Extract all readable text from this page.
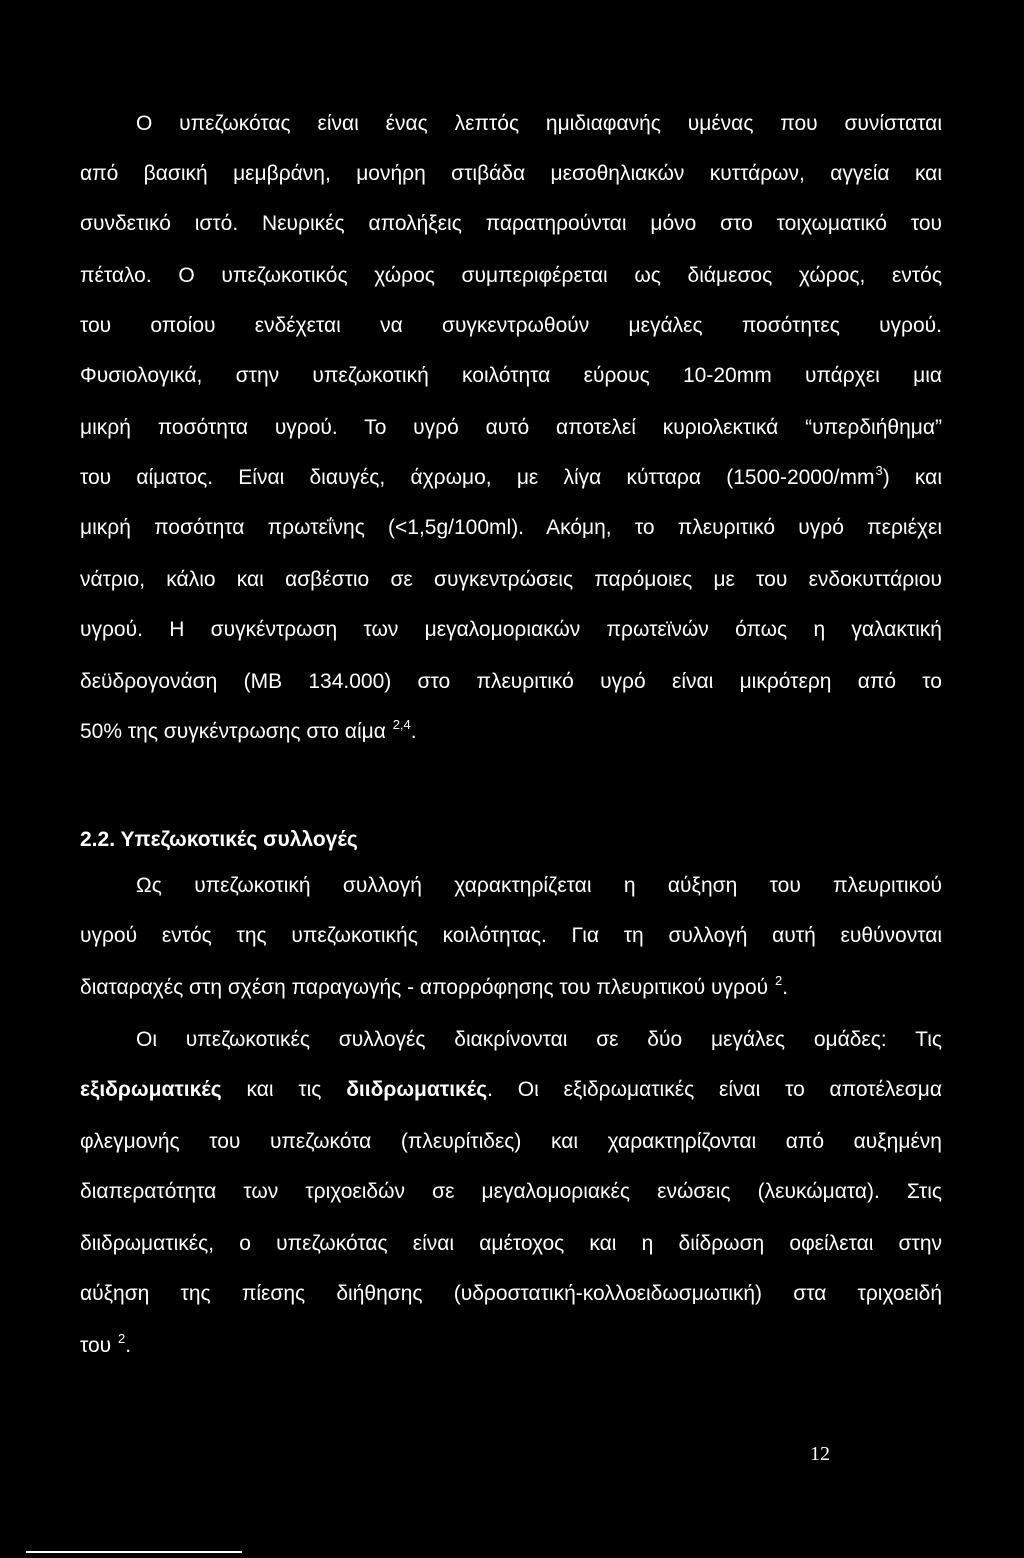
Ο υπεζωκότας είναι ένας λεπτός ημιδιαφανής υμένας που συνίσταται
από βασική μεμβράνη, μονήρη στιβάδα μεσοθηλιακών κυττάρων, αγγεία και
συνδετικό ιστό. Νευρικές απολήξεις παρατηρούνται μόνο στο τοιχωματικό του
πέταλο. Ο υπεζωκοτικός χώρος συμπεριφέρεται ως διάμεσος χώρος, εντός
του οποίου ενδέχεται να συγκεντρωθούν μεγάλες ποσότητες υγρού.
Φυσιολογικά, στην υπεζωκοτική κοιλότητα εύρους 10-20mm υπάρχει μια
μικρή ποσότητα υγρού. Το υγρό αυτό αποτελεί κυριολεκτικά “υπερδιήθημα”
του αίματος. Είναι διαυγές, άχρωμο, με λίγα κύτταρα $(1500-2000/mm^3)$ και
μικρή ποσότητα πρωτεΐνης (<1,5g/100ml). Ακόμη, το πλευριτικό υγρό περιέχει
νάτριο, κάλιο και ασβέστιο σε συγκεντρώσεις παρόμοιες με του ενδοκυττάριου
υγρού. Η συγκέντρωση των μεγαλομοριακών πρωτεϊνών όπως η γαλακτική
δεϋδρογονάση (ΜΒ 134.000) στο πλευριτικό υγρό είναι μικρότερη από το
50% της συγκέντρωσης στο αίμα $^{2,4}$.
2.2. Υπεζωκοτικές συλλογές
Ως υπεζωκοτική συλλογή χαρακτηρίζεται η αύξηση του πλευριτικού
υγρού εντός της υπεζωκοτικής κοιλότητας. Για τη συλλογή αυτή ευθύνονται
διαταραχές στη σχέση παραγωγής - απορρόφησης του πλευριτικού υγρού $^2$.
Οι υπεζωκοτικές συλλογές διακρίνονται σε δύο μεγάλες ομάδες: Τις
εξιδρωματικές και τις διιδρωματικές. Οι εξιδρωματικές είναι το αποτέλεσμα
φλεγμονής του υπεζωκότα (πλευρίτιδες) και χαρακτηρίζονται από αυξημένη
διαπερατότητα των τριχοειδών σε μεγαλομοριακές ενώσεις (λευκώματα). Στις
διιδρωματικές, ο υπεζωκότας είναι αμέτοχος και η διίδρωση οφείλεται στην
αύξηση της πίεσης διήθησης (υδροστατική-κολλοειδωσμωτική) στα τριχοειδή
του $^2$.
12
